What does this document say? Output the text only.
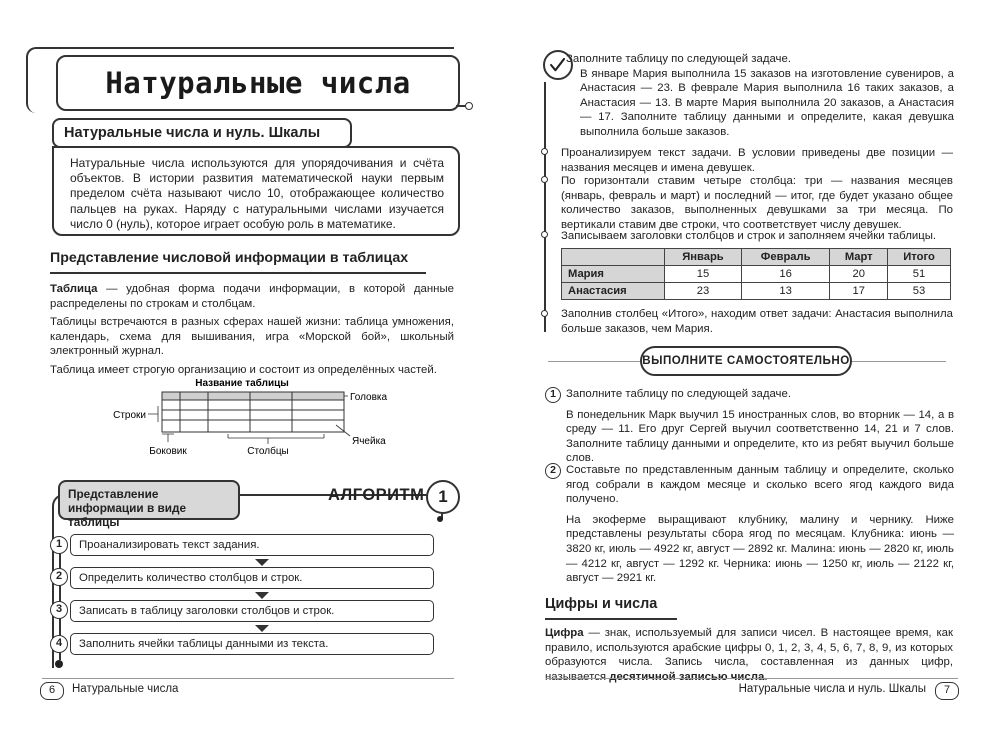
Натуральные числа

Натуральные числа используются для упорядочивания и счёта объектов. В истории развития математической науки первым пределом счёта называют число 10, отображающее количество пальцев на руках. Наряду с натуральными числами изучается число 0 (нуль), которое играет особую роль в математике.

Натуральные числа и нуль. Шкалы
Представление числовой информации в таблицах

Таблица — удобная форма подачи информации, в которой данные распределены по строкам и столбцам.

Таблицы встречаются в разных сферах нашей жизни: таблица умножения, календарь, схема для вышивания, игра «Морской бой», школьный электронный журнал.

Таблица имеет строгую организацию и состоит из определённых частей.

Название таблицы
Строки
Головка
Ячейка
Боковик	Столбцы
Представление информации в виде таблицы
АЛГОРИТМ 1
1	Проанализировать текст задания.
2	Определить количество столбцов и строк.
3	Записать в таблицу заголовки столбцов и строк.
4	Заполнить ячейки таблицы данными из текста.
6	Натуральные числа

Заполните таблицу по следующей задаче.

В январе Мария выполнила 15 заказов на изготовление сувениров, а Анастасия — 23. В феврале Мария выполнила 16 таких заказов, а Анастасия — 13. В марте Мария выполнила 20 заказов, а Анастасия — 17. Заполните таблицу данными и определите, какая девушка выполнила больше заказов.

Проанализируем текст задачи. В условии приведены две позиции — названия месяцев и имена девушек.

По горизонтали ставим четыре столбца: три — названия месяцев (январь, февраль и март) и последний — итог, где будет указано общее количество заказов, выполненных девушками за три месяца. По вертикали ставим две строки, что соответствует числу девушек.

Записываем заголовки столбцов и строк и заполняем ячейки таблицы.

	Январь	Февраль	Март	Итого
Мария	15	16	20	51
Анастасия	23	13	17	53

Заполнив столбец «Итого», находим ответ задачи: Анастасия выполнила больше заказов, чем Мария.

ВЫПОЛНИТЕ САМОСТОЯТЕЛЬНО
1 Заполните таблицу по следующей задаче.

В понедельник Марк выучил 15 иностранных слов, во вторник — 14, а в среду — 11. Его друг Сергей выучил соответственно 14, 21 и 7 слов. Заполните таблицу данными и определите, кто из ребят выучил больше слов.

2 Составьте по представленным данным таблицу и определите, сколько ягод собрали в каждом месяце и сколько всего ягод каждого вида получено.

На экоферме выращивают клубнику, малину и чернику. Ниже представлены результаты сбора ягод по месяцам. Клубника: июнь — 3820 кг, июль — 4922 кг, август — 2892 кг. Малина: июнь — 2820 кг, июль — 4212 кг, август — 1292 кг. Черника: июнь — 1250 кг, июль — 2122 кг, август — 2921 кг.

Цифры и числа

Цифра — знак, используемый для записи чисел. В настоящее время, как правило, используются арабские цифры 0, 1, 2, 3, 4, 5, 6, 7, 8, 9, из которых образуются числа. Запись числа, составленная из данных цифр, называется десятичной записью числа.

Натуральные числа и нуль. Шкалы	7
